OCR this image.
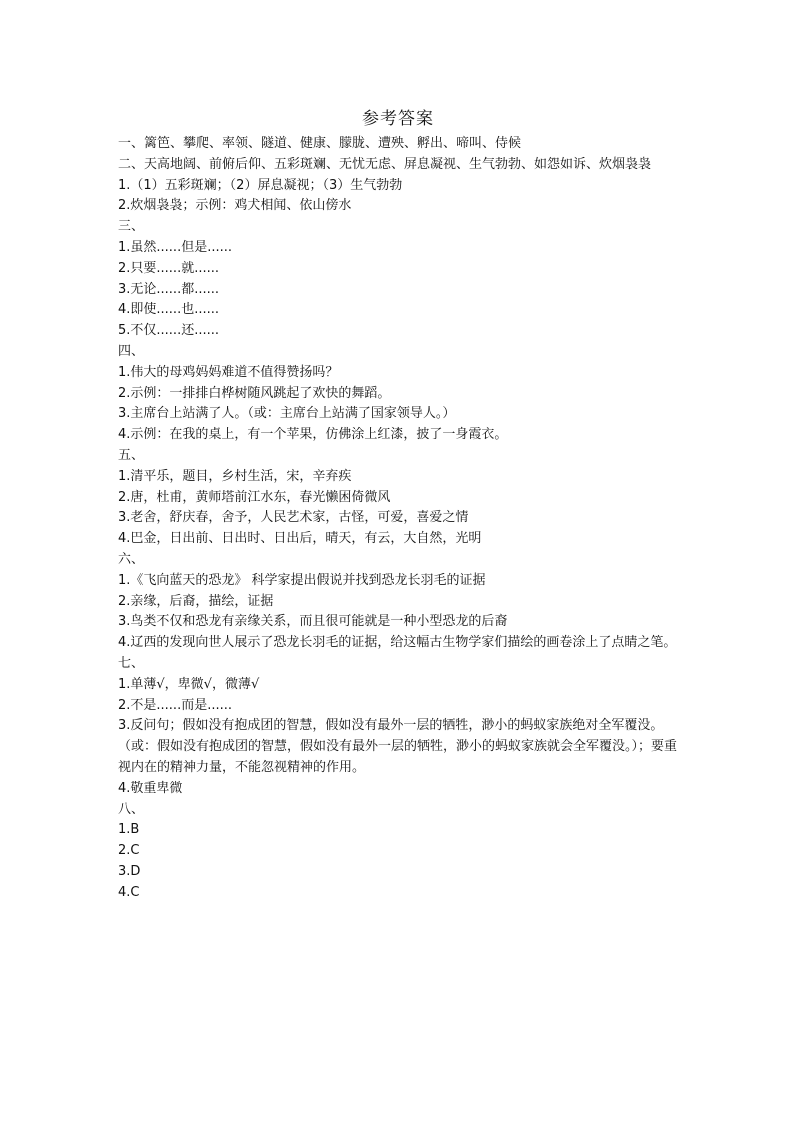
参考答案
一、篱笆、攀爬、率领、隧道、健康、朦胧、遭殃、孵出、啼叫、侍候
二、天高地阔、前俯后仰、五彩斑斓、无忧无虑、屏息凝视、生气勃勃、如怨如诉、炊烟袅袅
1.（1）五彩斑斓；（2）屏息凝视；（3）生气勃勃
2.炊烟袅袅；示例：鸡犬相闻、依山傍水
三、
1.虽然......但是......
2.只要......就......
3.无论......都......
4.即使......也......
5.不仅......还......
四、
1.伟大的母鸡妈妈难道不值得赞扬吗？
2.示例：一排排白桦树随风跳起了欢快的舞蹈。
3.主席台上站满了人。（或：主席台上站满了国家领导人。）
4.示例：在我的桌上，有一个苹果，仿佛涂上红漆，披了一身霞衣。
五、
1.清平乐，题目，乡村生活，宋，辛弃疾
2.唐，杜甫，黄师塔前江水东，春光懒困倚微风
3.老舍，舒庆春，舍予，人民艺术家，古怪，可爱，喜爱之情
4.巴金，日出前、日出时、日出后，晴天，有云，大自然，光明
六、
1.《飞向蓝天的恐龙》 科学家提出假说并找到恐龙长羽毛的证据
2.亲缘，后裔，描绘，证据
3.鸟类不仅和恐龙有亲缘关系，而且很可能就是一种小型恐龙的后裔
4.辽西的发现向世人展示了恐龙长羽毛的证据，给这幅古生物学家们描绘的画卷涂上了点睛之笔。
七、
1.单薄√，卑微√，微薄√
2.不是......而是......
3.反问句；假如没有抱成团的智慧，假如没有最外一层的牺牲，渺小的蚂蚁家族绝对全军覆没。（或：假如没有抱成团的智慧，假如没有最外一层的牺牲，渺小的蚂蚁家族就会全军覆没。）；要重视内在的精神力量，不能忽视精神的作用。
4.敬重卑微
八、
1.B
2.C
3.D
4.C
